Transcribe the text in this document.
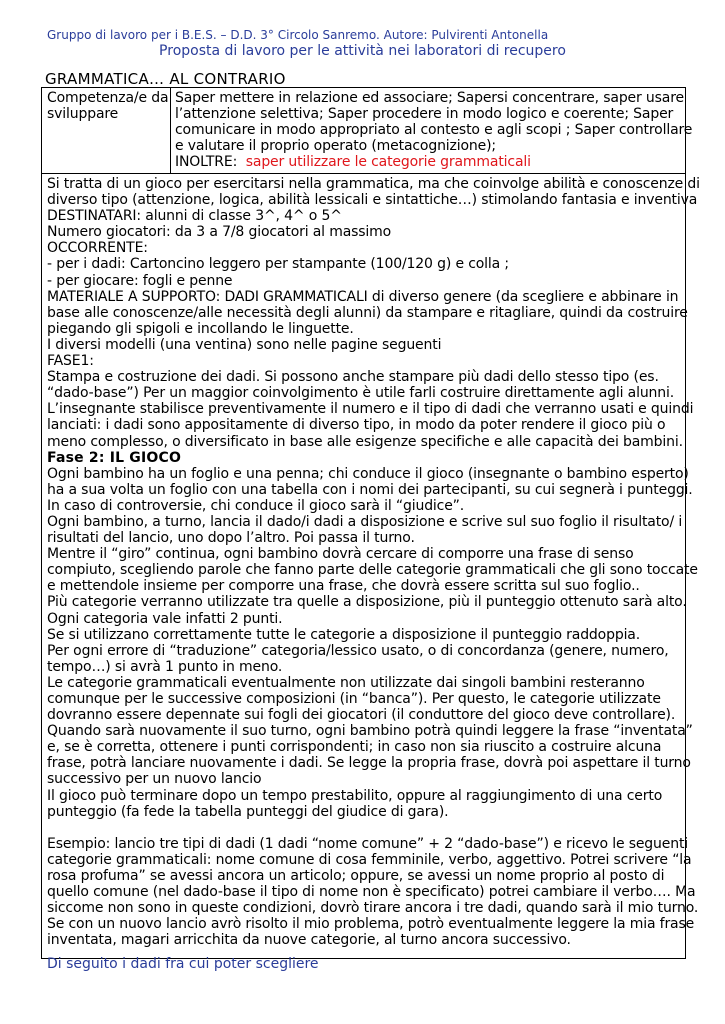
Gruppo di lavoro per i B.E.S. – D.D. 3° Circolo Sanremo. Autore: Pulvirenti Antonella
Proposta di lavoro per le attività nei laboratori di recupero
GRAMMATICA… AL CONTRARIO
Competenza/e da
sviluppare
Saper mettere in relazione ed associare; Sapersi concentrare, saper usare
l’attenzione selettiva; Saper procedere in modo logico e coerente; Saper
comunicare in modo appropriato al contesto e agli scopi ; Saper controllare
e valutare il proprio operato (metacognizione);
INOLTRE: saper utilizzare le categorie grammaticali
Si tratta di un gioco per esercitarsi nella grammatica, ma che coinvolge abilità e conoscenze di
diverso tipo (attenzione, logica, abilità lessicali e sintattiche…) stimolando fantasia e inventiva
DESTINATARI: alunni di classe 3^, 4^ o 5^
Numero giocatori: da 3 a 7/8 giocatori al massimo
OCCORRENTE:
- per i dadi: Cartoncino leggero per stampante (100/120 g) e colla ;
- per giocare: fogli e penne
MATERIALE A SUPPORTO: DADI GRAMMATICALI di diverso genere (da scegliere e abbinare in
base alle conoscenze/alle necessità degli alunni) da stampare e ritagliare, quindi da costruire
piegando gli spigoli e incollando le linguette.
I diversi modelli (una ventina) sono nelle pagine seguenti
FASE1:
Stampa e costruzione dei dadi. Si possono anche stampare più dadi dello stesso tipo (es.
“dado-base”) Per un maggior coinvolgimento è utile farli costruire direttamente agli alunni.
L’insegnante stabilisce preventivamente il numero e il tipo di dadi che verranno usati e quindi
lanciati: i dadi sono appositamente di diverso tipo, in modo da poter rendere il gioco più o
meno complesso, o diversificato in base alle esigenze specifiche e alle capacità dei bambini.
Fase 2: IL GIOCO
Ogni bambino ha un foglio e una penna; chi conduce il gioco (insegnante o bambino esperto)
ha a sua volta un foglio con una tabella con i nomi dei partecipanti, su cui segnerà i punteggi.
In caso di controversie, chi conduce il gioco sarà il “giudice”.
Ogni bambino, a turno, lancia il dado/i dadi a disposizione e scrive sul suo foglio il risultato/ i
risultati del lancio, uno dopo l’altro. Poi passa il turno.
Mentre il “giro” continua, ogni bambino dovrà cercare di comporre una frase di senso
compiuto, scegliendo parole che fanno parte delle categorie grammaticali che gli sono toccate
e mettendole insieme per comporre una frase, che dovrà essere scritta sul suo foglio..
Più categorie verranno utilizzate tra quelle a disposizione, più il punteggio ottenuto sarà alto.
Ogni categoria vale infatti 2 punti.
Se si utilizzano correttamente tutte le categorie a disposizione il punteggio raddoppia.
Per ogni errore di “traduzione” categoria/lessico usato, o di concordanza (genere, numero,
tempo…) si avrà 1 punto in meno.
Le categorie grammaticali eventualmente non utilizzate dai singoli bambini resteranno
comunque per le successive composizioni (in “banca”). Per questo, le categorie utilizzate
dovranno essere depennate sui fogli dei giocatori (il conduttore del gioco deve controllare).
Quando sarà nuovamente il suo turno, ogni bambino potrà quindi leggere la frase “inventata”
e, se è corretta, ottenere i punti corrispondenti; in caso non sia riuscito a costruire alcuna
frase, potrà lanciare nuovamente i dadi. Se legge la propria frase, dovrà poi aspettare il turno
successivo per un nuovo lancio
Il gioco può terminare dopo un tempo prestabilito, oppure al raggiungimento di una certo
punteggio (fa fede la tabella punteggi del giudice di gara).
Esempio: lancio tre tipi di dadi (1 dadi “nome comune” + 2 “dado-base”) e ricevo le seguenti
categorie grammaticali: nome comune di cosa femminile, verbo, aggettivo. Potrei scrivere “la
rosa profuma” se avessi ancora un articolo; oppure, se avessi un nome proprio al posto di
quello comune (nel dado-base il tipo di nome non è specificato) potrei cambiare il verbo…. Ma
siccome non sono in queste condizioni, dovrò tirare ancora i tre dadi, quando sarà il mio turno.
Se con un nuovo lancio avrò risolto il mio problema, potrò eventualmente leggere la mia frase
inventata, magari arricchita da nuove categorie, al turno ancora successivo.
Di seguito i dadi fra cui poter scegliere
